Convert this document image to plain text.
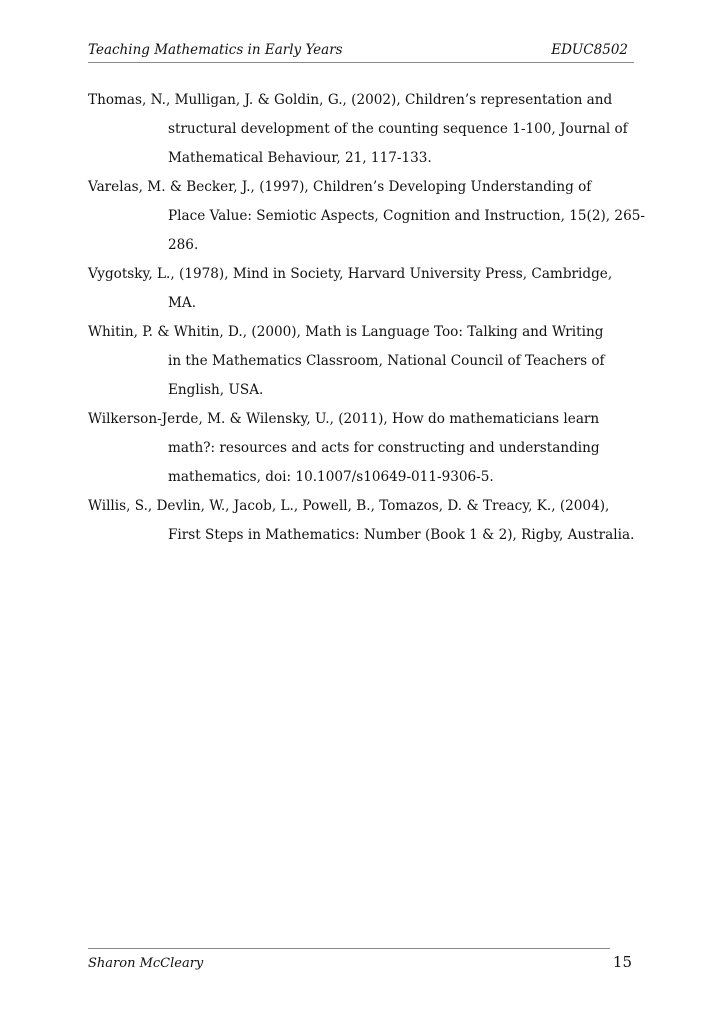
Teaching Mathematics in Early Years	EDUC8502

Thomas, N., Mulligan, J. & Goldin, G., (2002), Children’s representation and
structural development of the counting sequence 1-100, Journal of
Mathematical Behaviour, 21, 117-133.

Varelas, M. & Becker, J., (1997), Children’s Developing Understanding of
Place Value: Semiotic Aspects, Cognition and Instruction, 15(2), 265-
286.

Vygotsky, L., (1978), Mind in Society, Harvard University Press, Cambridge,
MA.

Whitin, P. & Whitin, D., (2000), Math is Language Too: Talking and Writing
in the Mathematics Classroom, National Council of Teachers of
English, USA.

Wilkerson-Jerde, M. & Wilensky, U., (2011), How do mathematicians learn
math?: resources and acts for constructing and understanding
mathematics, doi: 10.1007/s10649-011-9306-5.

Willis, S., Devlin, W., Jacob, L., Powell, B., Tomazos, D. & Treacy, K., (2004),
First Steps in Mathematics: Number (Book 1 & 2), Rigby, Australia.

Sharon McCleary	15
